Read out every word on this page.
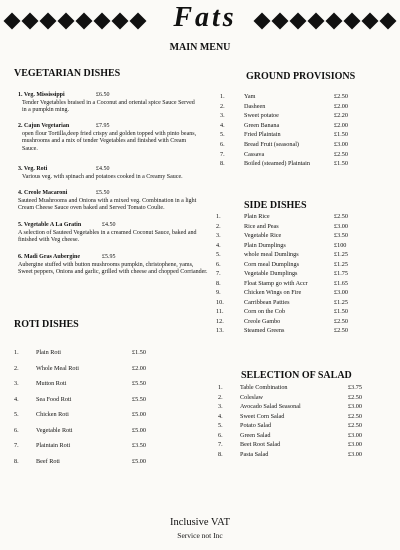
Fats
MAIN MENU
VEGETARIAN DISHES
1. Veg. Mississippi	£6.50
Tender Vegetables braised in a Coconut and oriental spice Sauce Served in a pumpkin ming.
2. Cajun Vegetarian	£7.95
open flour Tortilla,deep fried crispy and golden topped with pinto beans, mushrooms and a mix of tender Vegetables and finished with Cream Sauce.
3. Veg. Roti	£4.50
Various veg. with spinach and potatoes cooked in a Creamy Sauce.
4. Creole Macaroni	£5.50
Sauteed Mushrooms and Onions with a mixed veg. Combination in a light Cream Cheese Sauce oven baked and Served Tomato Coulie.
5. Vegetable A La Gratin	£4.50
A selection of Sauteed Vegetables in a creamed Coconut Sauce, baked and finished with Veg cheese.
6. Madi Gras Aubergine	£5.95
Aubergine stuffed with button mushrooms pumpkin, christophene, yams, Sweet peppers, Onions and garlic, grilled with cheese and chopped Corriander.
ROTI DISHES
1.	Plain Roti	£1.50
2.	Whole Meal Roti	£2.00
3.	Mutton Roti	£5.50
4.	Sea Food Roti	£5.50
5.	Chicken Roti	£5.00
6.	Vegetable Roti	£5.00
7.	Plaintain Roti	£3.50
8.	Beef Roti	£5.00
GROUND PROVISIONS
1.	Yam	£2.50
2.	Dasheen	£2.00
3.	Sweet potatoe	£2.20
4.	Green Banana	£2.00
5.	Fried Plaintain	£1.50
6.	Bread Fruit (seasonal)	£3.00
7.	Cassava	£2.50
8.	Boiled (steamed) Plaintain	£1.50
SIDE DISHES
1.	Plain Rice	£2.50
2.	Rice and Peas	£3.00
3.	Vegetable Rice	£3.50
4.	Plain Dumplings	£100
5.	whole meal Dumlings	£1.25
6.	Corn meal Dumplings	£1.25
7.	Vegetable Dumplings	£1.75
8.	Float Stamp go with Accr	£1.65
9.	Chicken Wings on Fire	£3.00
10.	Carribbean Patties	£1.25
11.	Corn on the Cob	£1.50
12.	Creole Gambo	£2.50
13.	Steamed Greens	£2.50
SELECTION OF SALAD
1.	Table Combination	£3.75
2.	Coleslaw	£2.50
3.	Avocado Salad Seasonal	£3.00
4.	Sweet Corn Salad	£2.50
5.	Potato Salad	£2.50
6.	Green Salad	£3.00
7.	Beet Root Salad	£3.00
8.	Pasta Salad	£3.00
Inclusive VAT
Service not Inc
